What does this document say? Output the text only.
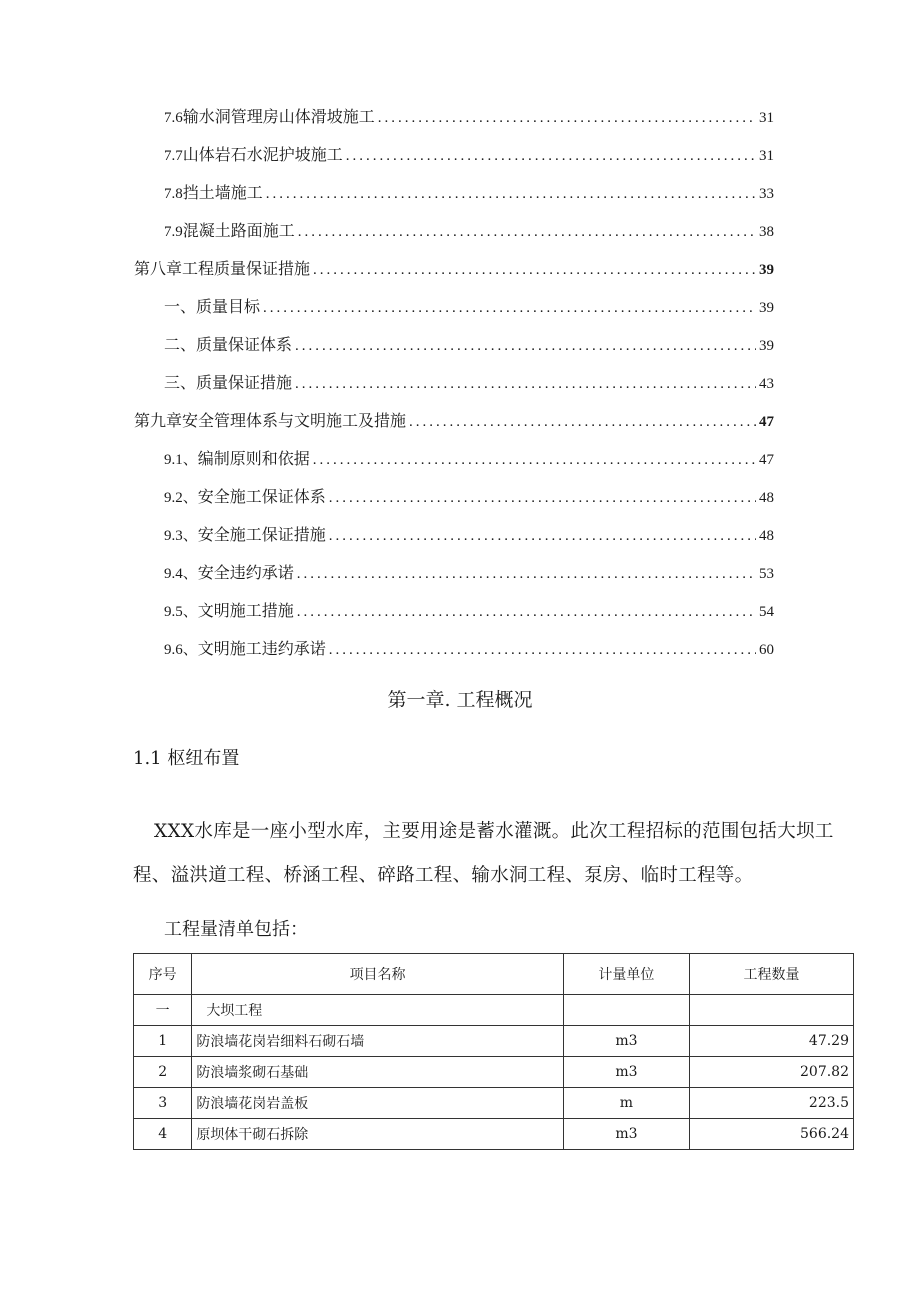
7.6 输水洞管理房山体滑坡施工 .....	31
7.7 山体岩石水泥护坡施工 .....	31
7.8 挡土墙施工 .....	33
7.9 混凝土路面施工 .....	38
第八章工程质量保证措施 .....	39
一、质量目标 .....	39
二、质量保证体系 .....	39
三、质量保证措施 .....	43
第九章安全管理体系与文明施工及措施 .....	47
9.1、 编制原则和依据 .....	47
9.2、 安全施工保证体系 .....	48
9.3、 安全施工保证措施 .....	48
9.4、 安全违约承诺 .....	53
9.5、 文明施工措施 .....	54
9.6、 文明施工违约承诺 .....	60
第一章. 工程概况
1.1 枢纽布置
XXX水库是一座小型水库，主要用途是蓄水灌溉。此次工程招标的范围包括大坝工程、溢洪道工程、桥涵工程、碎路工程、输水洞工程、泵房、临时工程等。
工程量清单包括：
序号	项目名称	计量单位	工程数量
一	大坝工程		
1	防浪墙花岗岩细料石砌石墙	m3	47.29
2	防浪墙浆砌石基础	m3	207.82
3	防浪墙花岗岩盖板	m	223.5
4	原坝体干砌石拆除	m3	566.24
